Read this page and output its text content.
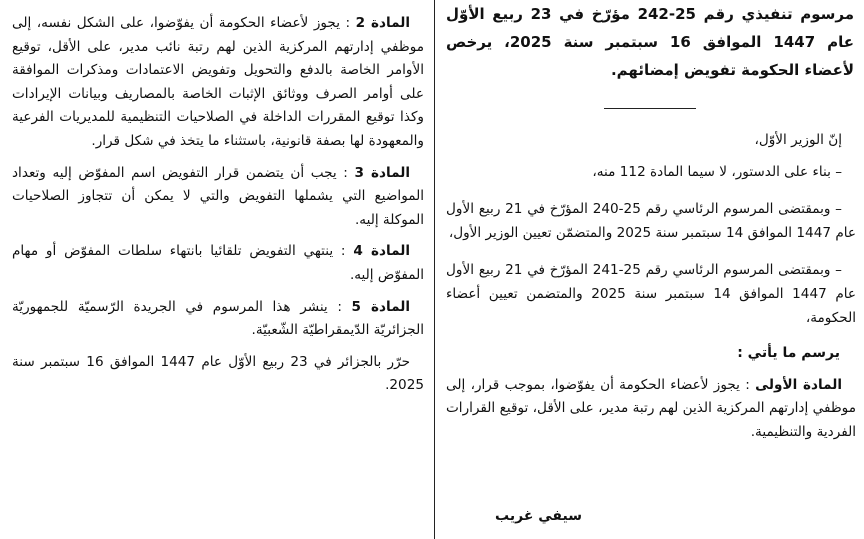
مرسوم تنفيذي رقم 25-242 مؤرّخ في 23 ربيع الأوّل عام 1447 الموافق 16 سبتمبر سنة 2025، يرخص لأعضاء الحكومة تفويض إمضائهم.

إنّ الوزير الأوّل،

– بناء على الدستور، لا سيما المادة 112 منه،

– وبمقتضى المرسوم الرئاسي رقم 25-240 المؤرّخ في 21 ربيع الأول عام 1447 الموافق 14 سبتمبر سنة 2025 والمتضمّن تعيين الوزير الأول،

– وبمقتضى المرسوم الرئاسي رقم 25-241 المؤرّخ في 21 ربيع الأول عام 1447 الموافق 14 سبتمبر سنة 2025 والمتضمن تعيين أعضاء الحكومة،

يرسم ما يأتي :

المادة الأولى : يجوز لأعضاء الحكومة أن يفوّضوا، بموجب قرار، إلى موظفي إدارتهم المركزية الذين لهم رتبة مدير، على الأقل، توقيع القرارات الفردية والتنظيمية.

المادة 2 : يجوز لأعضاء الحكومة أن يفوّضوا، على الشكل نفسه، إلى موظفي إدارتهم المركزية الذين لهم رتبة نائب مدير، على الأقل، توقيع الأوامر الخاصة بالدفع والتحويل وتفويض الاعتمادات ومذكرات الموافقة على أوامر الصرف ووثائق الإثبات الخاصة بالمصاريف وبيانات الإيرادات وكذا توقيع المقررات الداخلة في الصلاحيات التنظيمية للمديريات الفرعية والمعهودة لها بصفة قانونية، باستثناء ما يتخذ في شكل قرار.

المادة 3 : يجب أن يتضمن قرار التفويض اسم المفوّض إليه وتعداد المواضيع التي يشملها التفويض والتي لا يمكن أن تتجاوز الصلاحيات الموكلة إليه.

المادة 4 : ينتهي التفويض تلقائيا بانتهاء سلطات المفوّض أو مهام المفوّض إليه.

المادة 5 : ينشر هذا المرسوم في الجريدة الرّسميّة للجمهوريّة الجزائريّة الدّيمقراطيّة الشّعبيّة.

حرّر بالجزائر في 23 ربيع الأوّل عام 1447 الموافق 16 سبتمبر سنة 2025.

سيفي غريب
